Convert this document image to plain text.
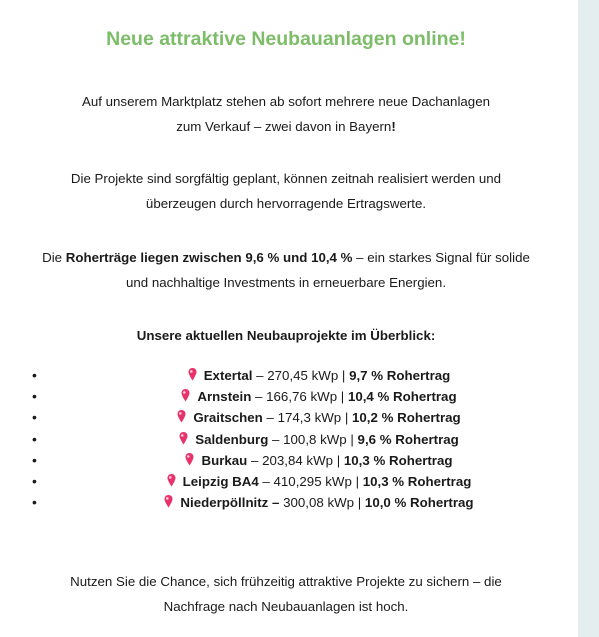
Neue attraktive Neubauanlagen online!

Auf unserem Marktplatz stehen ab sofort mehrere neue Dachanlagen
zum Verkauf – zwei davon in Bayern!

Die Projekte sind sorgfältig geplant, können zeitnah realisiert werden und
überzeugen durch hervorragende Ertragswerte.

Die Roherträge liegen zwischen 9,6 % und 10,4 % – ein starkes Signal für solide
und nachhaltige Investments in erneuerbare Energien.

Unsere aktuellen Neubauprojekte im Überblick:

•	Extertal – 270,45 kWp | 9,7 % Rohertrag
•	Arnstein – 166,76 kWp | 10,4 % Rohertrag
•	Graitschen – 174,3 kWp | 10,2 % Rohertrag
•	Saldenburg – 100,8 kWp | 9,6 % Rohertrag
•	Burkau – 203,84 kWp | 10,3 % Rohertrag
•	Leipzig BA4 – 410,295 kWp | 10,3 % Rohertrag
•	Niederpöllnitz – 300,08 kWp | 10,0 % Rohertrag

Nutzen Sie die Chance, sich frühzeitig attraktive Projekte zu sichern – die
Nachfrage nach Neubauanlagen ist hoch.
